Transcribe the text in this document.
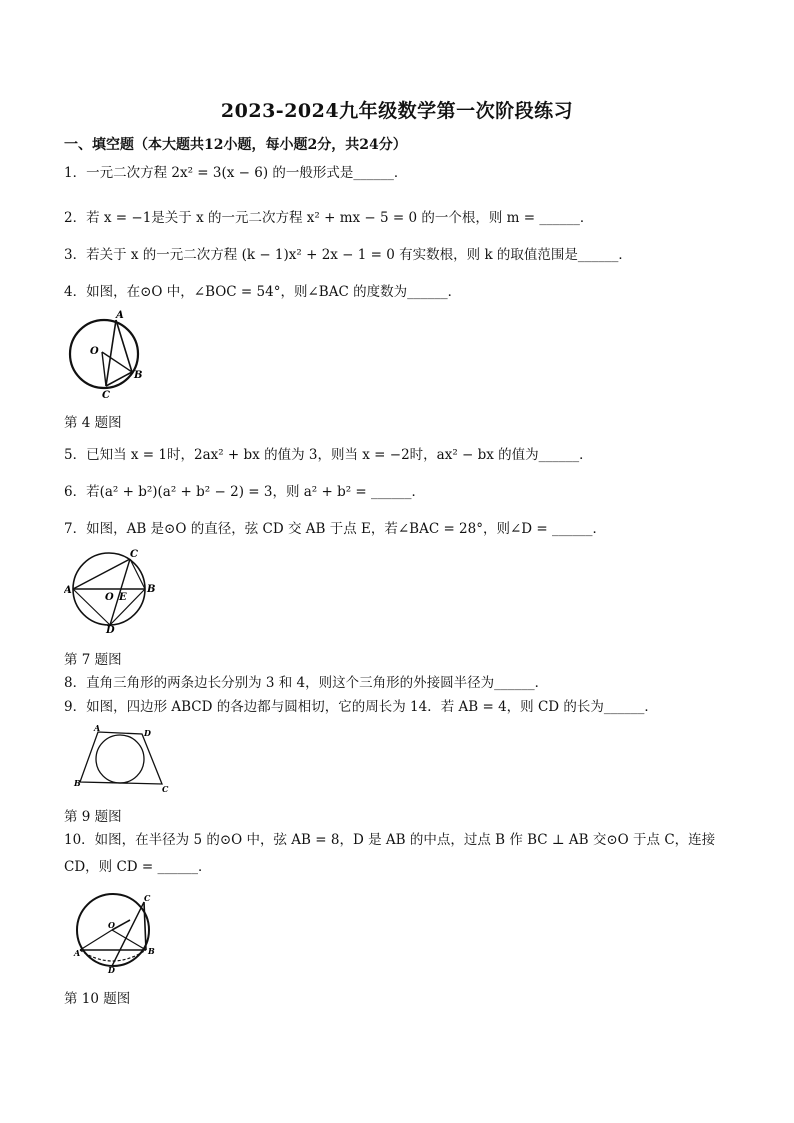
2023-2024九年级数学第一次阶段练习
一、填空题（本大题共12小题，每小题2分，共24分）
1．一元二次方程 2x² = 3(x − 6) 的一般形式是______．
2．若 x = −1是关于 x 的一元二次方程 x² + mx − 5 = 0 的一个根，则 m = ______．
3．若关于 x 的一元二次方程 (k − 1)x² + 2x − 1 = 0 有实数根，则 k 的取值范围是______．
4．如图，在⊙O 中，∠BOC = 54°，则∠BAC 的度数为______．
A
O
B
C
第 4 题图
5．已知当 x = 1时，2ax² + bx 的值为 3，则当 x = −2时，ax² − bx 的值为______．
6．若(a² + b²)(a² + b² − 2) = 3，则 a² + b² = ______．
7．如图，AB 是⊙O 的直径，弦 CD 交 AB 于点 E，若∠BAC = 28°，则∠D = ______．
C
A
O E
B
D
第 7 题图
8．直角三角形的两条边长分别为 3 和 4，则这个三角形的外接圆半径为______．
9．如图，四边形 ABCD 的各边都与圆相切，它的周长为 14．若 AB = 4，则 CD 的长为______．
A	D
B
C
第 9 题图
10．如图，在半径为 5 的⊙O 中，弦 AB = 8，D 是 AB 的中点，过点 B 作 BC ⊥ AB 交⊙O 于点 C，连接
CD，则 CD = ______．
C
O
A	B
D
第 10 题图
